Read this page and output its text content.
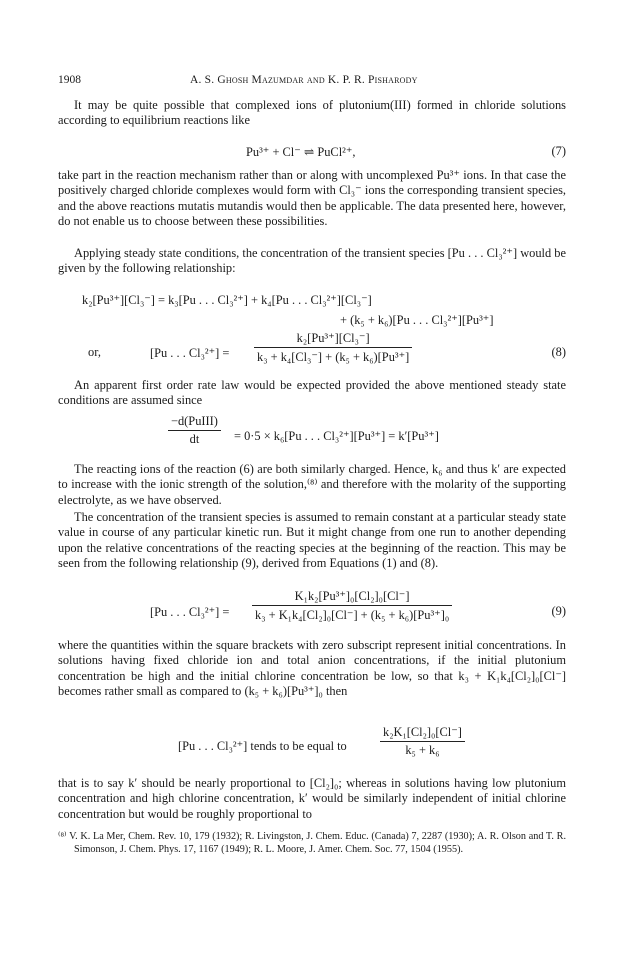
1908	A. S. Ghosh Mazumdar and K. P. R. Pisharody
It may be quite possible that complexed ions of plutonium(III) formed in chloride solutions according to equilibrium reactions like
Pu³⁺ + Cl⁻ ⇌ PuCl²⁺,	(7)
take part in the reaction mechanism rather than or along with uncomplexed Pu³⁺ ions. In that case the positively charged chloride complexes would form with Cl₃⁻ ions the corresponding transient species, and the above reactions mutatis mutandis would then be applicable. The data presented here, however, do not enable us to choose between these possibilities.
Applying steady state conditions, the concentration of the transient species [Pu . . . Cl₃²⁺] would be given by the following relationship:
k₂[Pu³⁺][Cl₃⁻] = k₃[Pu . . . Cl₃²⁺] + k₄[Pu . . . Cl₃²⁺][Cl₃⁻]
+ (k₅ + k₆)[Pu . . . Cl₃²⁺][Pu³⁺]
or,	[Pu . . . $Cl_3^{2+}] = \frac{\text{k₂[Pu³⁺][Cl₃⁻]}}{\text{k₃ + k₄[Cl₃⁻] + (k₅ + k₆)[Pu³⁺]}}$	(8)
An apparent first order rate law would be expected provided the above mentioned steady state conditions are assumed since
$\frac{\text{−d(PuIII)}}{dt} = 0\cdot 5 \times k_6[Pu$ . . . Cl₃²⁺][Pu³⁺] = k′[Pu³⁺]
The reacting ions of the reaction (6) are both similarly charged. Hence, k₆ and thus k′ are expected to increase with the ionic strength of the solution,⁽⁸⁾ and therefore with the molarity of the supporting electrolyte, as we have observed.
The concentration of the transient species is assumed to remain constant at a particular steady state value in course of any particular kinetic run. But it might change from one run to another depending upon the relative concentrations of the reacting species at the beginning of the reaction. This may be seen from the following relationship (9), derived from Equations (1) and (8).
[Pu . . . $Cl_3^{2+}] = \frac{\text{K₁k₂[Pu³⁺]₀[Cl₂]₀[Cl⁻]}}{\text{k₃ + K₁k₄[Cl₂]₀[Cl⁻] + (k₅ + k₆)[Pu³⁺]₀}}$	(9)
where the quantities within the square brackets with zero subscript represent initial concentrations. In solutions having fixed chloride ion and total anion concentrations, if the initial plutonium concentration be high and the initial chlorine concentration be low, so that k₃ + K₁k₄[Cl₂]₀[Cl⁻] becomes rather small as compared to (k₅ + k₆)[Pu³⁺]₀ then
[Pu . . . Cl₃²⁺] tends to be equal to	$\frac{\text{k₂K₁[Cl₂]₀[Cl⁻]}}{\text{k₅ + k₆}}$
that is to say k′ should be nearly proportional to [Cl₂]₀; whereas in solutions having low plutonium concentration and high chlorine concentration, k′ would be similarly independent of initial chlorine concentration but would be roughly proportional to
⁽⁸⁾ V. K. La Mer, Chem. Rev. 10, 179 (1932); R. Livingston, J. Chem. Educ. (Canada) 7, 2287 (1930); A. R. Olson and T. R. Simonson, J. Chem. Phys. 17, 1167 (1949); R. L. Moore, J. Amer. Chem. Soc. 77, 1504 (1955).
